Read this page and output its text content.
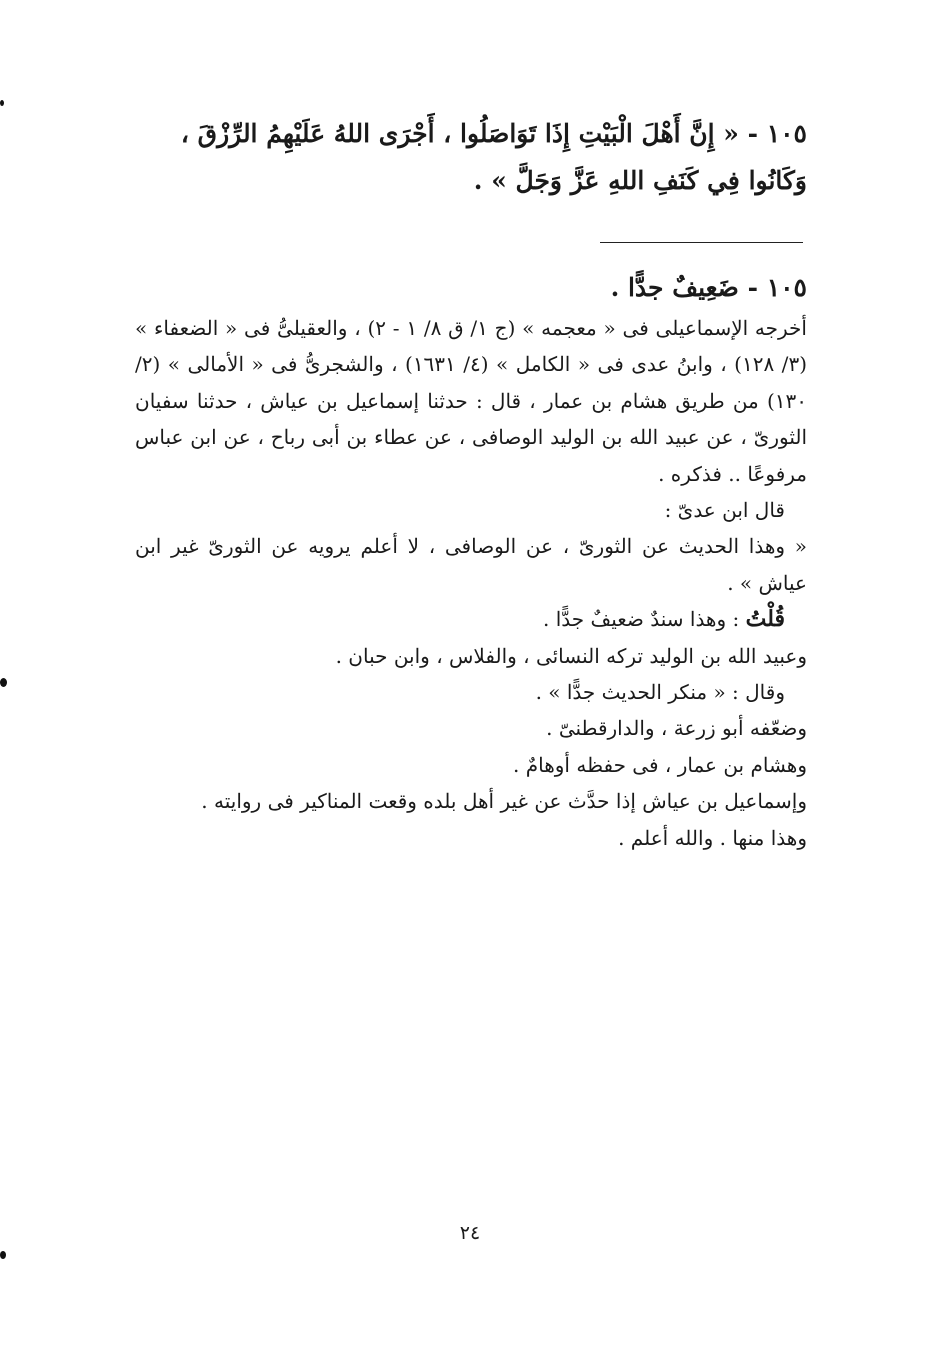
١٠٥ - « إِنَّ أَهْلَ الْبَيْتِ إِذَا تَوَاصَلُوا ، أَجْرَى اللهُ عَلَيْهِمُ الرِّزْقَ ،
وَكَانُوا فِي كَنَفِ اللهِ عَزَّ وَجَلَّ » .
١٠٥ - ضَعِيفٌ جدًّا .

أخرجه الإسماعيلى فى « معجمه » (ج ١/ ق ٨/ ١ - ٢) ، والعقيلىُّ فى « الضعفاء » (٣/ ١٢٨) ، وابنُ عدى فى « الكامل » (٤/ ١٦٣١) ، والشجرىُّ فى « الأمالى » (٢/ ١٣٠) من طريق هشام بن عمار ، قال : حدثنا إسماعيل بن عياش ، حدثنا سفيان الثورىّ ، عن عبيد الله بن الوليد الوصافى ، عن عطاء بن أبى رباح ، عن ابن عباس مرفوعًا .. فذكره .

قال ابن عدىّ :

« وهذا الحديث عن الثورىّ ، عن الوصافى ، لا أعلم يرويه عن الثورىّ غير ابن عياش » .

قُلْتُ : وهذا سندٌ ضعيفٌ جدًّا .

وعبيد الله بن الوليد تركه النسائى ، والفلاس ، وابن حبان .

وقال : « منكر الحديث جدًّا » .

وضعّفه أبو زرعة ، والدارقطنىّ .

وهشام بن عمار ، فى حفظه أوهامٌ .

وإسماعيل بن عياش إذا حدَّث عن غير أهل بلده وقعت المناكير فى روايته .

وهذا منها . والله أعلم .

٢٤
